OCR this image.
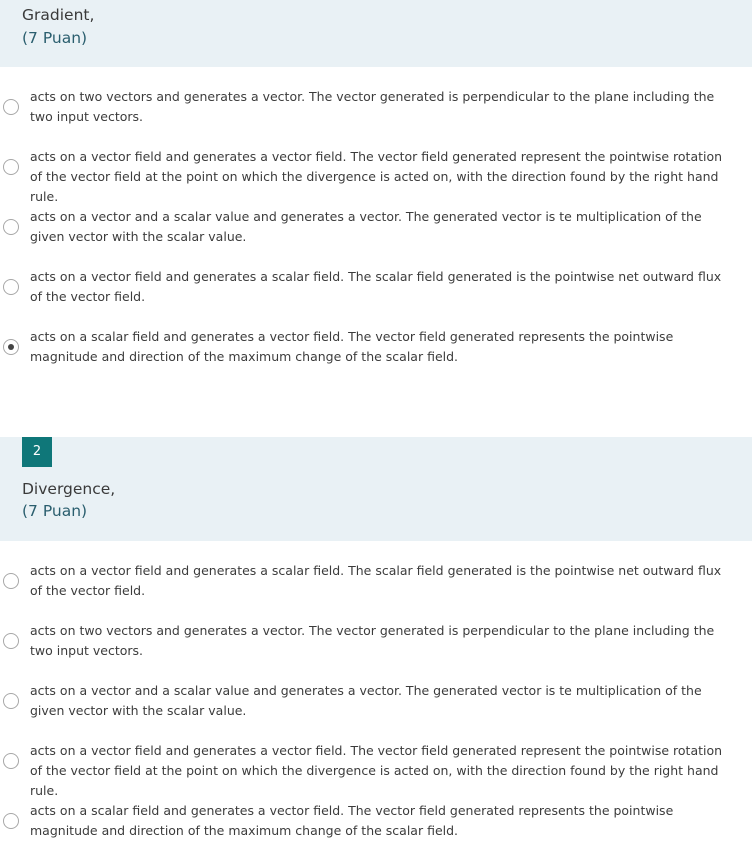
Gradient,
(7 Puan)
acts on two vectors and generates a vector. The vector generated is perpendicular to the plane including the two input vectors.
acts on a vector field and generates a vector field. The vector field generated represent the pointwise rotation of the vector field at the point on which the divergence is acted on, with the direction found by the right hand rule.
acts on a vector and a scalar value and generates a vector. The generated vector is te multiplication of the given vector with the scalar value.
acts on a vector field and generates a scalar field. The scalar field generated is the pointwise net outward flux of the vector field.
acts on a scalar field and generates a vector field. The vector field generated represents the pointwise magnitude and direction of the maximum change of the scalar field.
2
Divergence,
(7 Puan)
acts on a vector field and generates a scalar field. The scalar field generated is the pointwise net outward flux of the vector field.
acts on two vectors and generates a vector. The vector generated is perpendicular to the plane including the two input vectors.
acts on a vector and a scalar value and generates a vector. The generated vector is te multiplication of the given vector with the scalar value.
acts on a vector field and generates a vector field. The vector field generated represent the pointwise rotation of the vector field at the point on which the divergence is acted on, with the direction found by the right hand rule.
acts on a scalar field and generates a vector field. The vector field generated represents the pointwise magnitude and direction of the maximum change of the scalar field.
